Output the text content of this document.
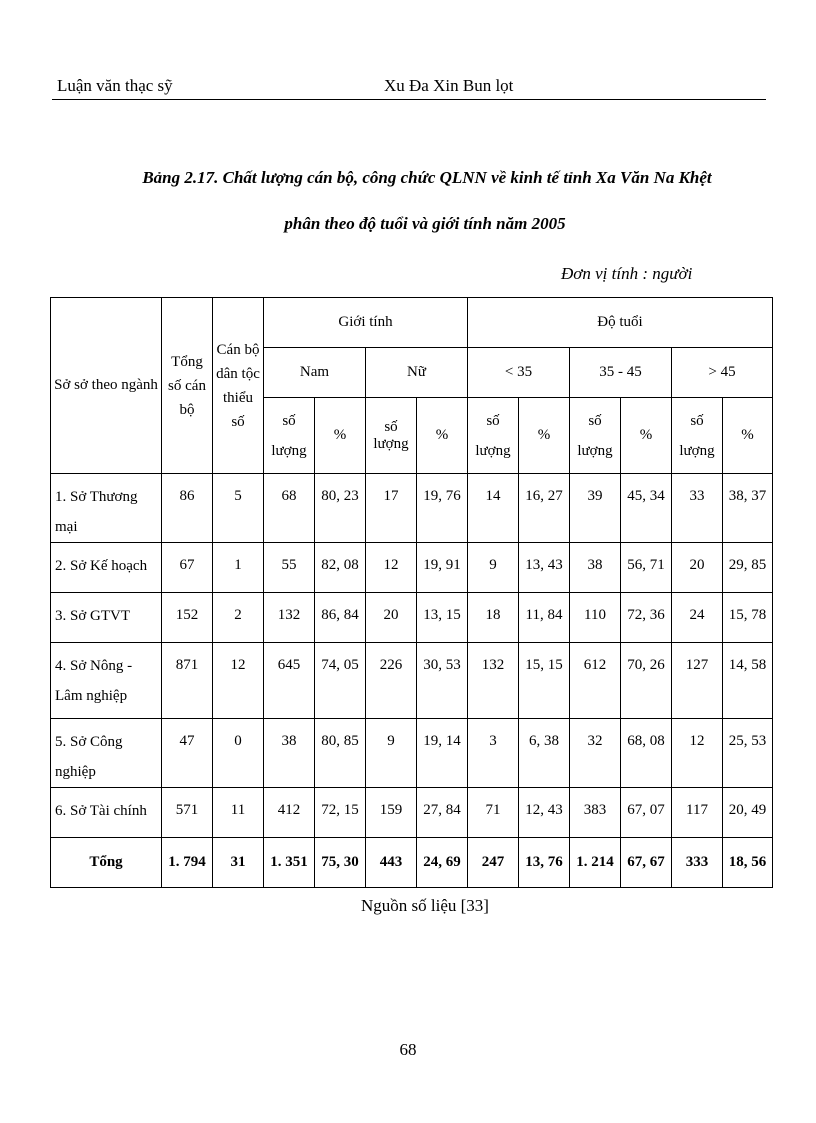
Luận văn thạc sỹ	Xu Đa Xin Bun lọt
Bảng 2.17. Chất lượng cán bộ, công chức QLNN về kinh tế tỉnh Xa Văn Na Khệt
phân theo độ tuổi và giới tính năm 2005
Đơn vị tính : người
Sở sở theo ngành	Tổng số cán bộ	Cán bộ dân tộc thiểu số	Giới tính				Độ tuổi					
			Nam		Nữ		< 35		35 - 45		> 45	
			số lượng	%	số lượng	%	số lượng	%	số lượng	%	số lượng	%
1. Sở Thương mại	86	5	68	80, 23	17	19, 76	14	16, 27	39	45, 34	33	38, 37
2. Sở Kế hoạch	67	1	55	82, 08	12	19, 91	9	13, 43	38	56, 71	20	29, 85
3. Sở GTVT	152	2	132	86, 84	20	13, 15	18	11, 84	110	72, 36	24	15, 78
4. Sở Nông - Lâm nghiệp	871	12	645	74, 05	226	30, 53	132	15, 15	612	70, 26	127	14, 58
5. Sở Công nghiệp	47	0	38	80, 85	9	19, 14	3	6, 38	32	68, 08	12	25, 53
6. Sở Tài chính	571	11	412	72, 15	159	27, 84	71	12, 43	383	67, 07	117	20, 49
Tổng	1. 794	31	1. 351	75, 30	443	24, 69	247	13, 76	1. 214	67, 67	333	18, 56
Nguồn số liệu [33]
68
